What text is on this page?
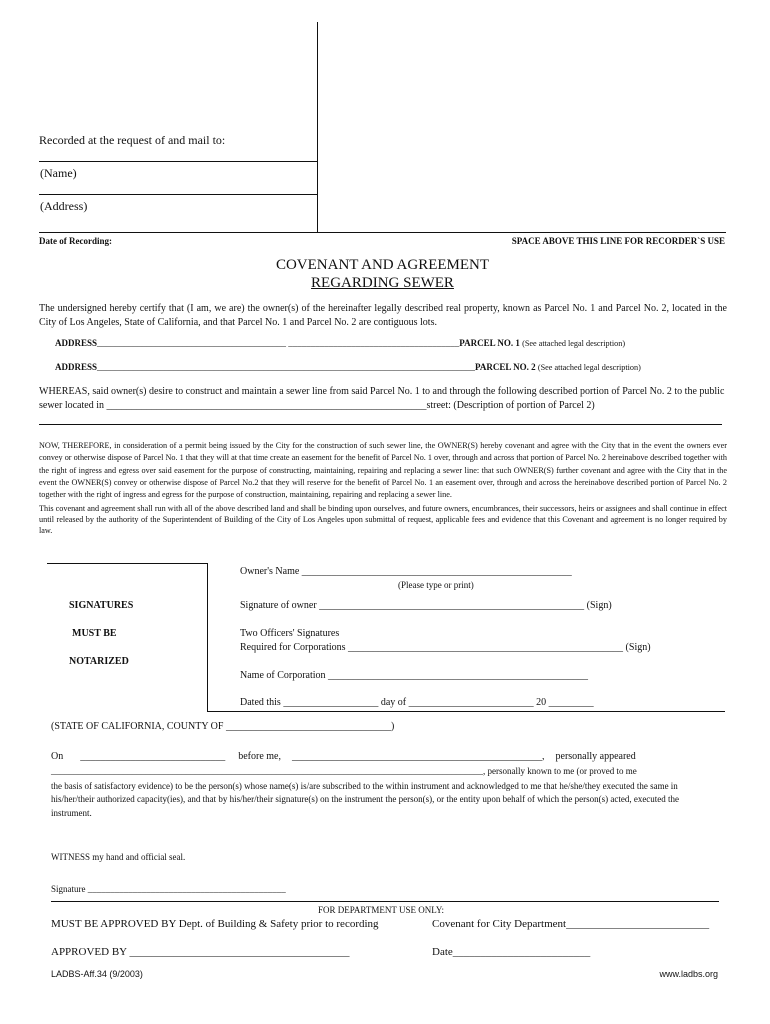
Recorded at the request of and mail to:
(Name)
(Address)
Date of Recording:	SPACE ABOVE THIS LINE FOR RECORDER`S USE
COVENANT AND AGREEMENT
REGARDING SEWER
The undersigned hereby certify that (I am, we are) the owner(s) of the hereinafter legally described real property, known as Parcel No. 1 and Parcel No. 2, located in the City of Los Angeles, State of California, and that Parcel No. 1 and Parcel No. 2 are contiguous lots.
ADDRESS__________________________________________ ______________________________________PARCEL NO. 1 (See attached legal description)
ADDRESS____________________________________________________________________________________PARCEL NO. 2 (See attached legal description)
WHEREAS, said owner(s) desire to construct and maintain a sewer line from said Parcel No. 1 to and through the following described portion of Parcel No. 2 to the public
sewer located in ________________________________________________________________street: (Description of portion of Parcel 2)
NOW, THEREFORE, in consideration of a permit being issued by the City for the construction of such sewer line, the OWNER(S) hereby covenant and agree with the City that in the event the owners ever convey or otherwise dispose of Parcel No. 1 that they will at that time create an easement for the benefit of Parcel No. 1 over, through and across that portion of Parcel No. 2 hereinabove described together with the right of ingress and egress over said easement for the purpose of constructing, maintaining, repairing and replacing a sewer line: that such OWNER(S) further covenant and agree with the City that in the event the OWNER(S) convey or otherwise dispose of Parcel No.2 that they will reserve for the benefit of Parcel No. 1 an easement over, through and across the hereinabove described portion of Parcel No. 2 together with the right of ingress and egress for the purpose of construction, maintaining, repairing and replacing a sewer line.
This covenant and agreement shall run with all of the above described land and shall be binding upon ourselves, and future owners, encumbrances, their successors, heirs or assignees and shall continue in effect until released by the authority of the Superintendent of Building of the City of Los Angeles upon submittal of request, applicable fees and evidence that this Covenant and agreement is no longer required by law.
SIGNATURES
MUST BE
NOTARIZED
Owner's Name ______________________________________________________
(Please type or print)
Signature of owner _____________________________________________________ (Sign)
Two Officers' Signatures
Required for Corporations _______________________________________________________ (Sign)
Name of Corporation ____________________________________________________
Dated this ___________________ day of _________________________ 20 _________
(STATE OF CALIFORNIA, COUNTY OF _________________________________)
On _____________________________ before me, __________________________________________________, personally appeared
________________________________________________________________________________________________, personally known to me (or proved to me
the basis of satisfactory evidence) to be the person(s) whose name(s) is/are subscribed to the within instrument and acknowledged to me that he/she/they executed the same in his/her/their authorized capacity(ies), and that by his/her/their signature(s) on the instrument the person(s), or the entity upon behalf of which the person(s) acted, executed the instrument.
WITNESS my hand and official seal.
Signature ____________________________________________
FOR DEPARTMENT USE ONLY:
MUST BE APPROVED BY Dept. of Building & Safety prior to recording	Covenant for City Department__________________________
APPROVED BY ________________________________________	Date_________________________
LADBS-Aff.34 (9/2003)	www.ladbs.org
